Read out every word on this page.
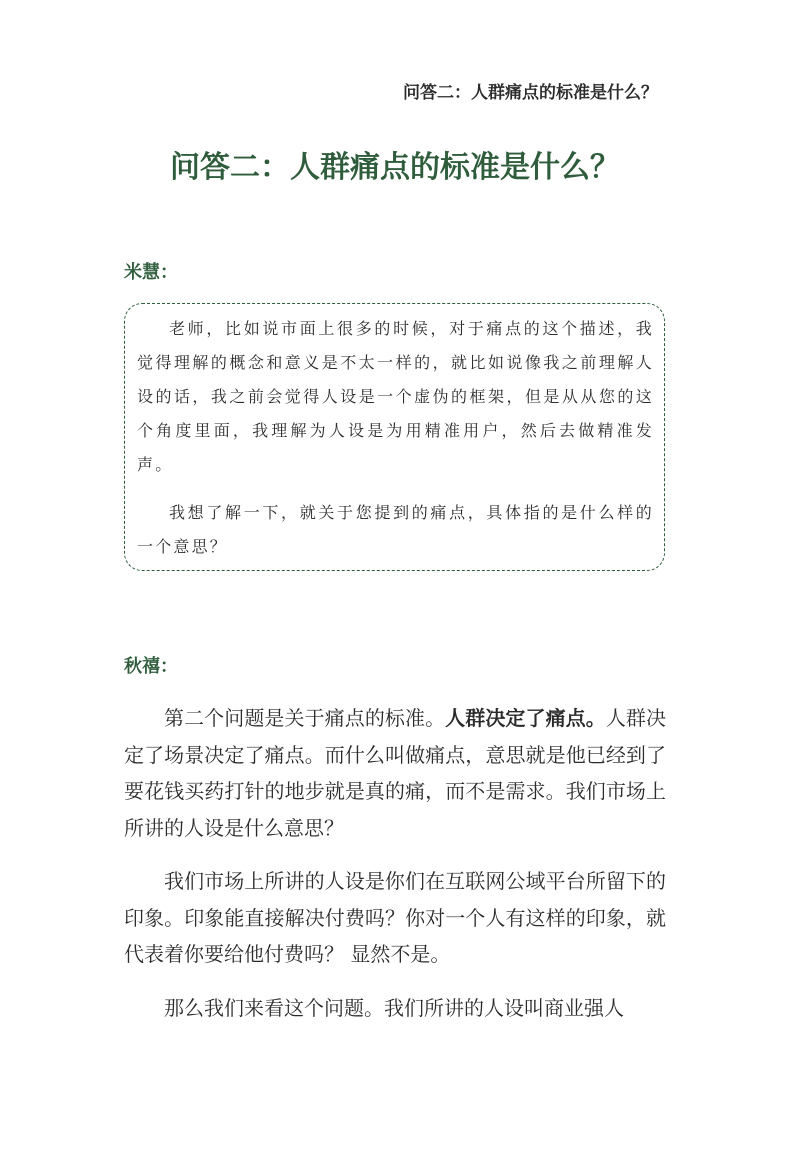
问答二：人群痛点的标准是什么？
问答二：人群痛点的标准是什么？
米慧：

老师，比如说市面上很多的时候，对于痛点的这个描述，我觉得理解的概念和意义是不太一样的，就比如说像我之前理解人设的话，我之前会觉得人设是一个虚伪的框架，但是从从您的这个角度里面，我理解为人设是为用精准用户，然后去做精准发声。

我想了解一下，就关于您提到的痛点，具体指的是什么样的一个意思？

秋禧：

第二个问题是关于痛点的标准。人群决定了痛点。人群决定了场景决定了痛点。而什么叫做痛点，意思就是他已经到了要花钱买药打针的地步就是真的痛，而不是需求。我们市场上所讲的人设是什么意思？

我们市场上所讲的人设是你们在互联网公域平台所留下的印象。印象能直接解决付费吗？你对一个人有这样的印象，就代表着你要给他付费吗？ 显然不是。

那么我们来看这个问题。我们所讲的人设叫商业强人
